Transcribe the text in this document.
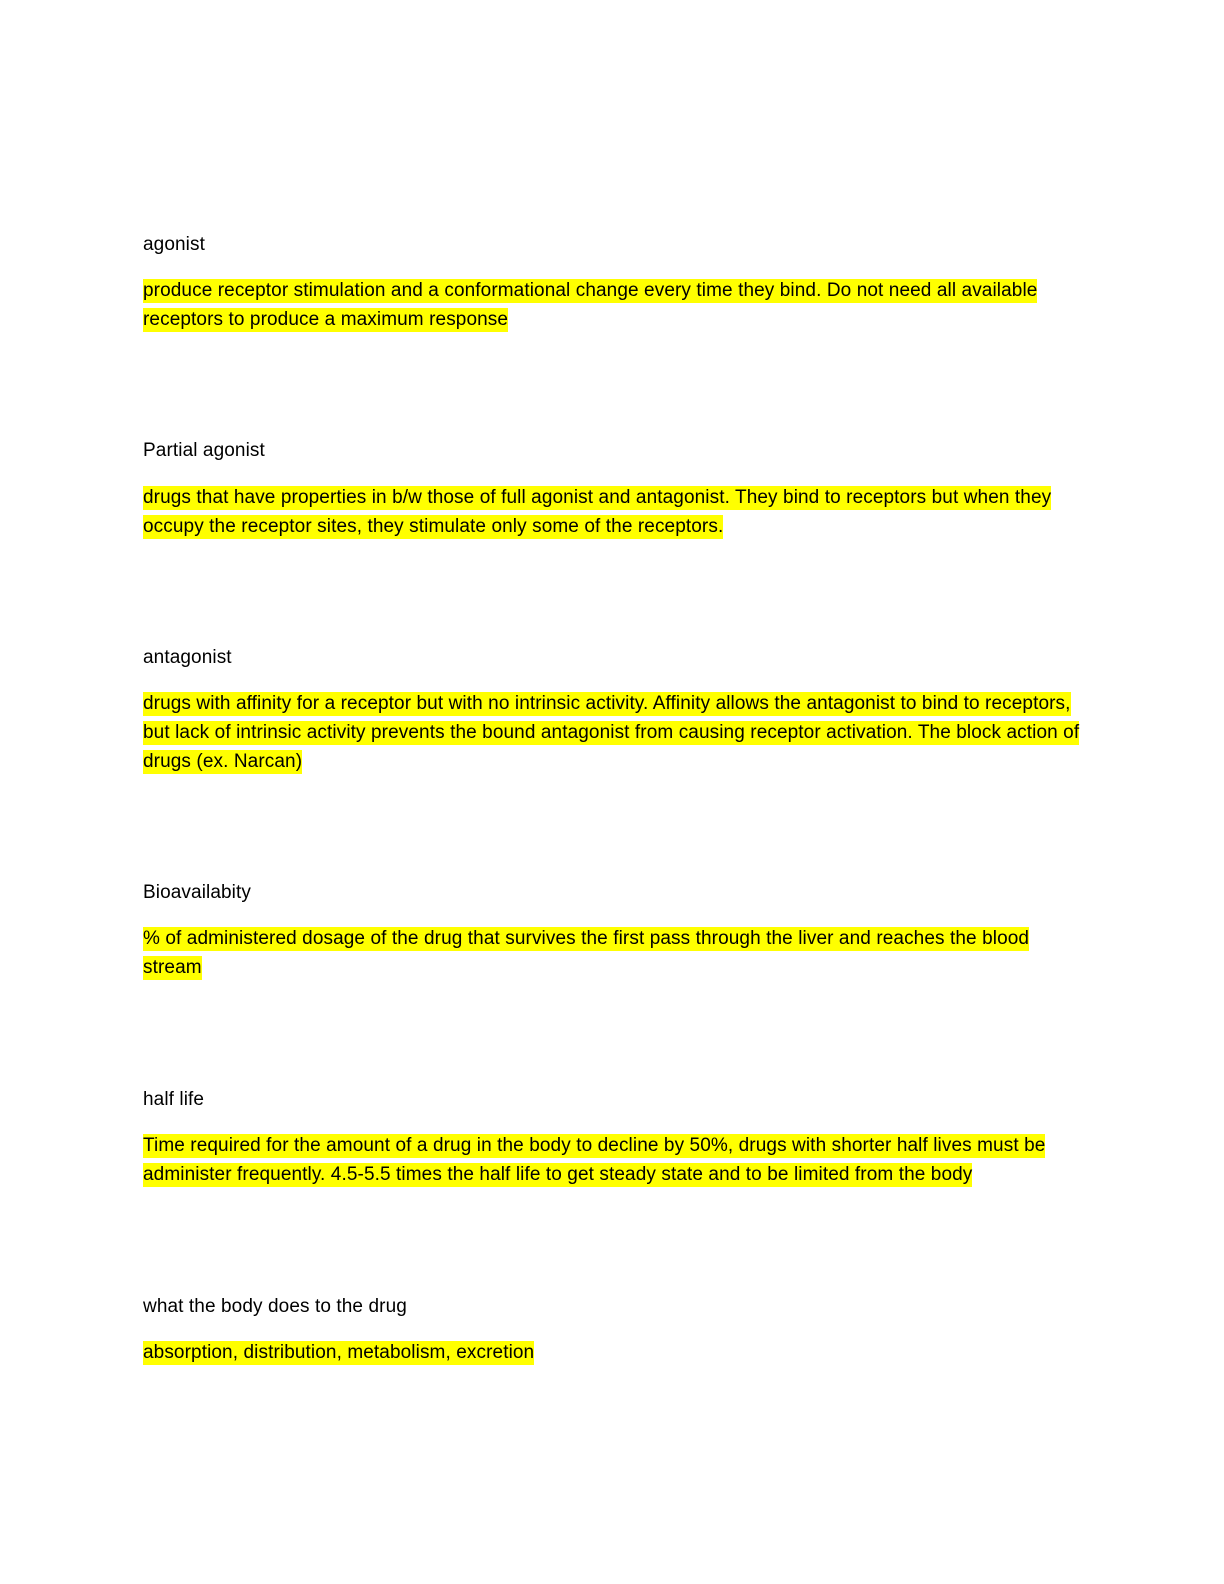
agonist
produce receptor stimulation and a conformational change every time they bind. Do not need all available receptors to produce a maximum response
Partial agonist
drugs that have properties in b/w those of full agonist and antagonist. They bind to receptors but when they occupy the receptor sites, they stimulate only some of the receptors.
antagonist
drugs with affinity for a receptor but with no intrinsic activity. Affinity allows the antagonist to bind to receptors, but lack of intrinsic activity prevents the bound antagonist from causing receptor activation. The block action of drugs (ex. Narcan)
Bioavailabity
% of administered dosage of the drug that survives the first pass through the liver and reaches the blood stream
half life
Time required for the amount of a drug in the body to decline by 50%, drugs with shorter half lives must be administer frequently. 4.5-5.5 times the half life to get steady state and to be limited from the body
what the body does to the drug
absorption, distribution, metabolism, excretion
